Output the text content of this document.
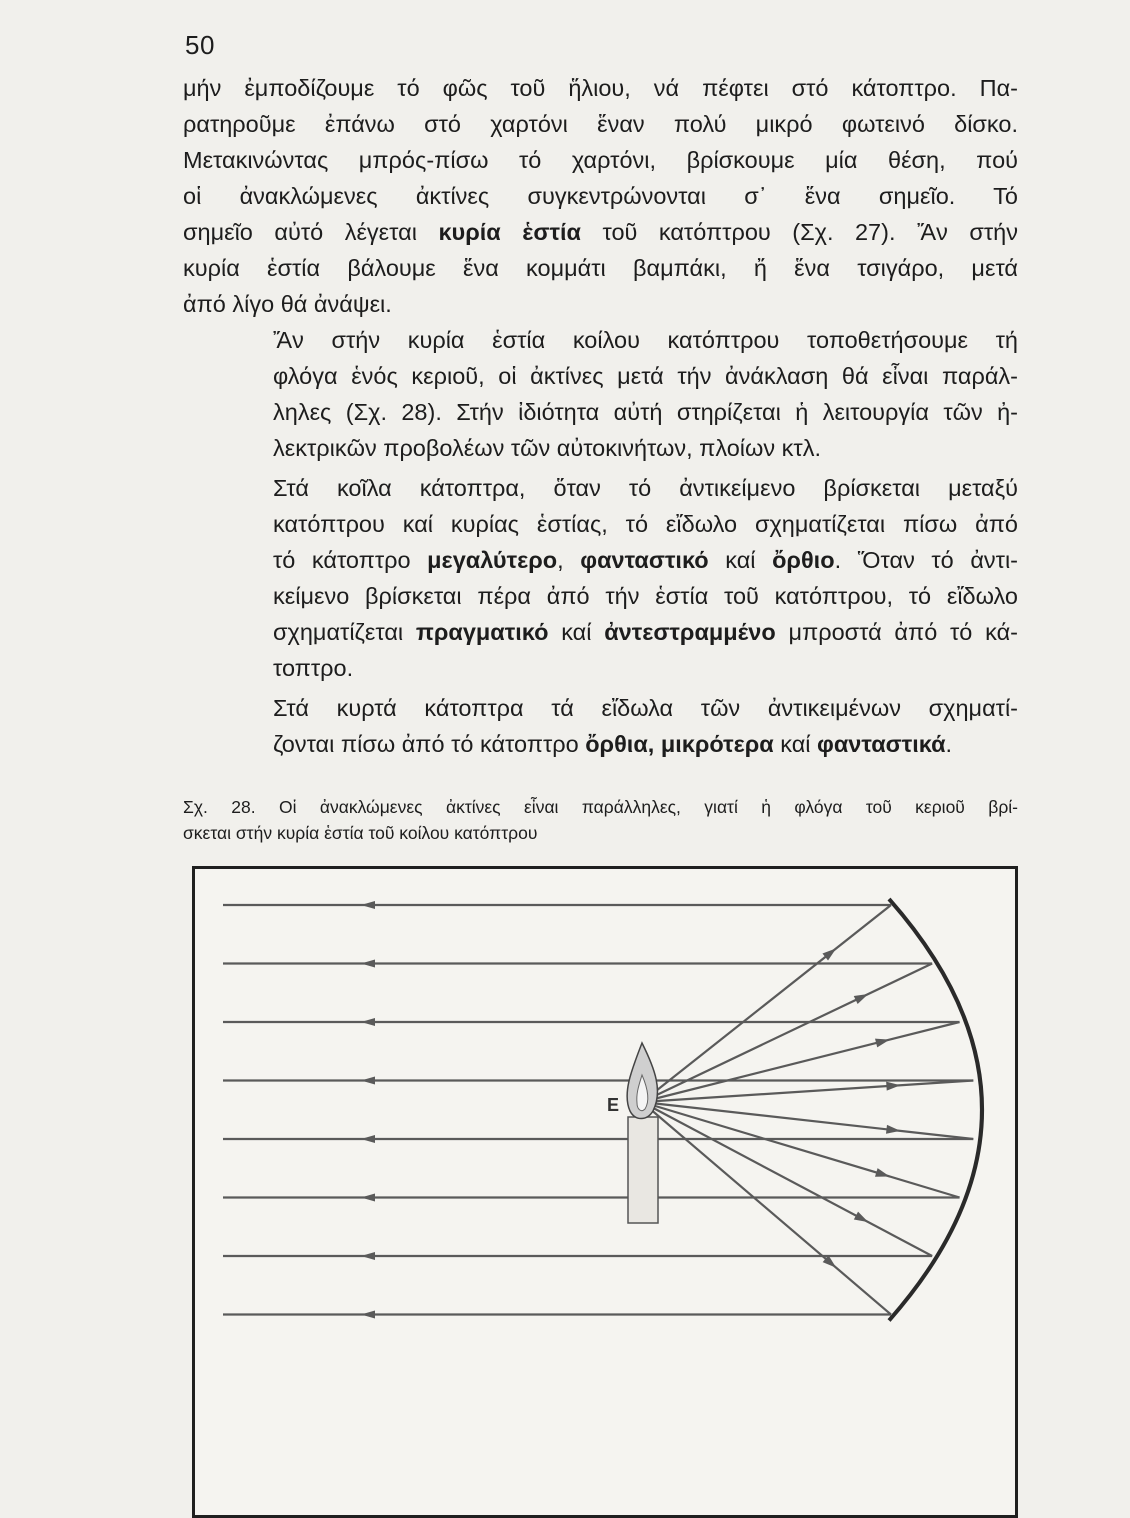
50

μήν ἐμποδίζουμε τό φῶς τοῦ ἥλιου, νά πέφτει στό κάτοπτρο. Πα-
ρατηροῦμε ἐπάνω στό χαρτόνι ἕναν πολύ μικρό φωτεινό δίσκο.
Μετακινώντας μπρός-πίσω τό χαρτόνι, βρίσκουμε μία θέση, πού
οἱ ἀνακλώμενες ἀκτίνες συγκεντρώνονται σ᾽ ἕνα σημεῖο. Τό
σημεῖο αὐτό λέγεται κυρία ἑστία τοῦ κατόπτρου (Σχ. 27). Ἄν στήν
κυρία ἑστία βάλουμε ἕνα κομμάτι βαμπάκι, ἤ ἕνα τσιγάρο, μετά
ἀπό λίγο θά ἀνάψει.

Ἄν στήν κυρία ἑστία κοίλου κατόπτρου τοποθετήσουμε τή
φλόγα ἑνός κεριοῦ, οἱ ἀκτίνες μετά τήν ἀνάκλαση θά εἶναι παράλ-
ληλες (Σχ. 28). Στήν ἰδιότητα αὐτή στηρίζεται ἡ λειτουργία τῶν ἠ-
λεκτρικῶν προβολέων τῶν αὐτοκινήτων, πλοίων κτλ.

Στά κοῖλα κάτοπτρα, ὅταν τό ἀντικείμενο βρίσκεται μεταξύ
κατόπτρου καί κυρίας ἑστίας, τό εἴδωλο σχηματίζεται πίσω ἀπό
τό κάτοπτρο μεγαλύτερο, φανταστικό καί ὄρθιο. Ὅταν τό ἀντι-
κείμενο βρίσκεται πέρα ἀπό τήν ἑστία τοῦ κατόπτρου, τό εἴδωλο
σχηματίζεται πραγματικό καί ἀντεστραμμένο μπροστά ἀπό τό κά-
τοπτρο.

Στά κυρτά κάτοπτρα τά εἴδωλα τῶν ἀντικειμένων σχηματί-
ζονται πίσω ἀπό τό κάτοπτρο ὄρθια, μικρότερα καί φανταστικά.

Σχ. 28. Οἱ ἀνακλώμενες ἀκτίνες εἶναι παράλληλες, γιατί ἡ φλόγα τοῦ κεριοῦ βρί-
σκεται στήν κυρία ἑστία τοῦ κοίλου κατόπτρου
E
